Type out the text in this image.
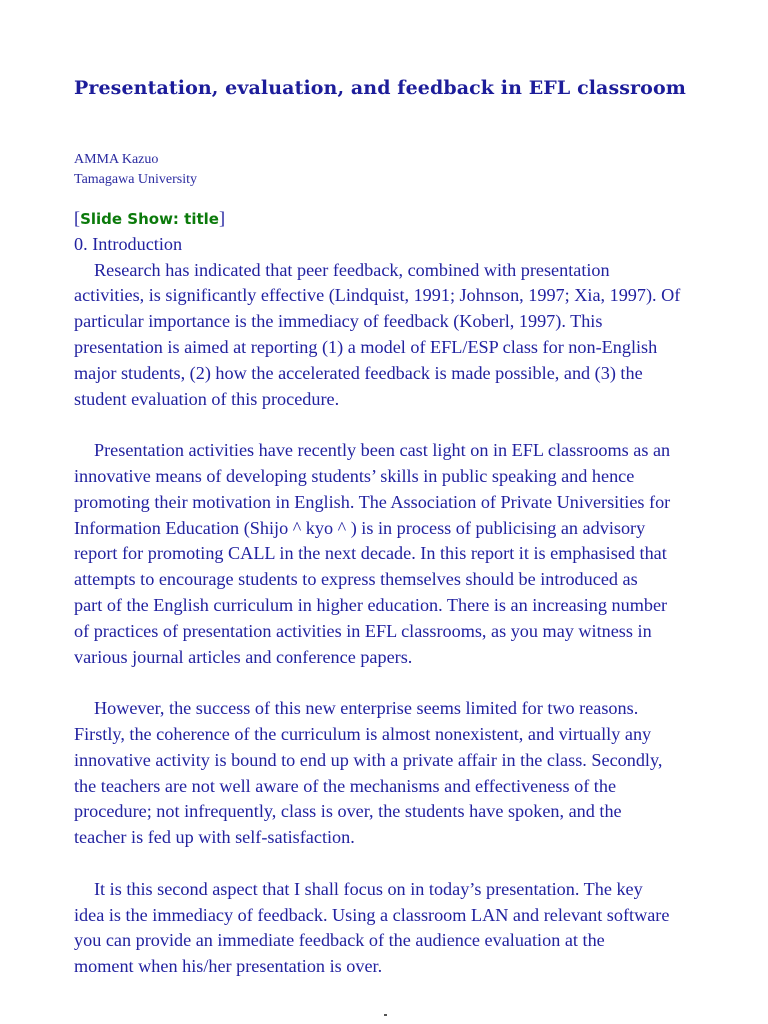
Presentation, evaluation, and feedback in EFL classroom
AMMA Kazuo
Tamagawa University
[Slide Show: title]
0. Introduction
Research has indicated that peer feedback, combined with presentation
activities, is significantly effective (Lindquist, 1991; Johnson, 1997; Xia, 1997). Of
particular importance is the immediacy of feedback (Koberl, 1997). This
presentation is aimed at reporting (1) a model of EFL/ESP class for non-English
major students, (2) how the accelerated feedback is made possible, and (3) the
student evaluation of this procedure.
Presentation activities have recently been cast light on in EFL classrooms as an
innovative means of developing students’ skills in public speaking and hence
promoting their motivation in English. The Association of Private Universities for
Information Education (Shijo ^ kyo ^ ) is in process of publicising an advisory
report for promoting CALL in the next decade. In this report it is emphasised that
attempts to encourage students to express themselves should be introduced as
part of the English curriculum in higher education. There is an increasing number
of practices of presentation activities in EFL classrooms, as you may witness in
various journal articles and conference papers.
However, the success of this new enterprise seems limited for two reasons.
Firstly, the coherence of the curriculum is almost nonexistent, and virtually any
innovative activity is bound to end up with a private affair in the class. Secondly,
the teachers are not well aware of the mechanisms and effectiveness of the
procedure; not infrequently, class is over, the students have spoken, and the
teacher is fed up with self-satisfaction.
It is this second aspect that I shall focus on in today’s presentation. The key
idea is the immediacy of feedback. Using a classroom LAN and relevant software
you can provide an immediate feedback of the audience evaluation at the
moment when his/her presentation is over.
